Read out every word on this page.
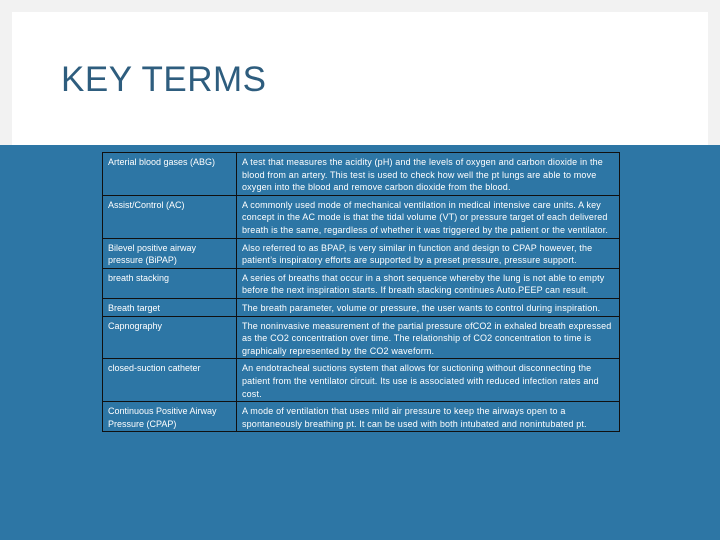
KEY TERMS
Arterial blood gases (ABG)	A test that measures the acidity (pH) and the levels of oxygen and carbon dioxide in the blood from an artery. This test is used to check how well the pt lungs are able to move oxygen into the blood and remove carbon dioxide from the blood.
Assist/Control (AC)	A commonly used mode of mechanical ventilation in medical intensive care units. A key concept in the AC mode is that the tidal volume (VT) or pressure target of each delivered breath is the same, regardless of whether it was triggered by the patient or the ventilator.
Bilevel positive airway pressure (BiPAP)	Also referred to as BPAP, is very similar in function and design to CPAP however, the patient’s inspiratory efforts are supported by a preset pressure, pressure support.
breath stacking	A series of breaths that occur in a short sequence whereby the lung is not able to empty before the next inspiration starts. If breath stacking continues Auto.PEEP can result.
Breath target	The breath parameter, volume or pressure, the user wants to control during inspiration.
Capnography	The noninvasive measurement of the partial pressure ofCO2 in exhaled breath expressed as the CO2 concentration over time. The relationship of CO2 concentration to time is graphically represented by the CO2 waveform.
closed-suction catheter	An endotracheal suctions system that allows for suctioning without disconnecting the patient from the ventilator circuit. Its use is associated with reduced infection rates and cost.
Continuous Positive Airway Pressure (CPAP)	A mode of ventilation that uses mild air pressure to keep the airways open to a spontaneously breathing pt. It can be used with both intubated and nonintubated pt.
